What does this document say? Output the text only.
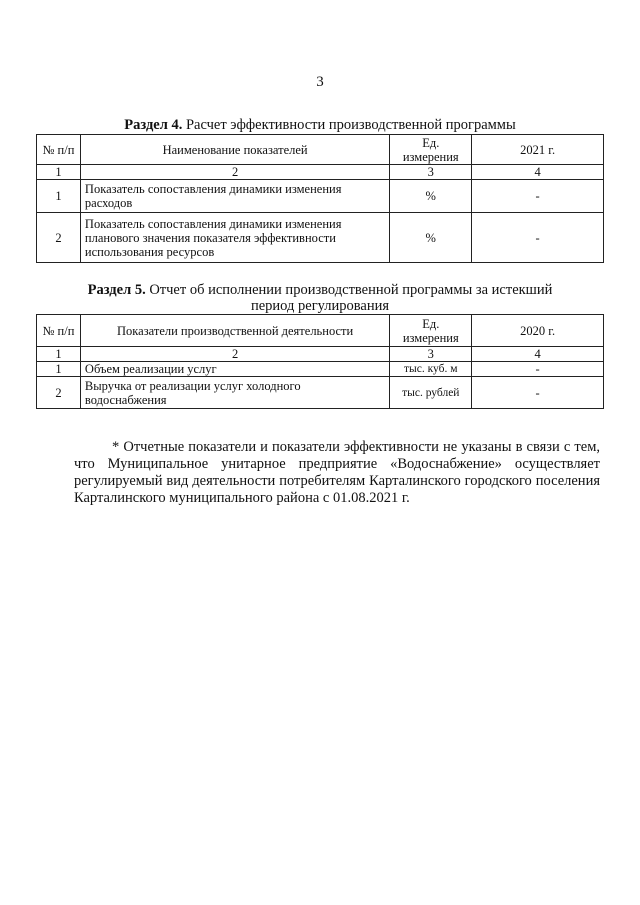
3
Раздел 4. Расчет эффективности производственной программы
№ п/п	Наименование показателей	Ед. измерения	2021 г.
1	2	3	4
1	Показатель сопоставления динамики изменения расходов	%	-
2	Показатель сопоставления динамики изменения планового значения показателя эффективности использования ресурсов	%	-
Раздел 5. Отчет об исполнении производственной программы за истекший
период регулирования
№ п/п	Показатели производственной деятельности	Ед. измерения	2020 г.
1	2	3	4
1	Объем реализации услуг	тыс. куб. м	-
2	Выручка от реализации услуг холодного водоснабжения	тыс. рублей	-

* Отчетные показатели и показатели эффективности не указаны в связи с тем, что Муниципальное унитарное предприятие «Водоснабжение» осуществляет регулируемый вид деятельности потребителям Карталинского городского поселения Карталинского муниципального района с 01.08.2021 г.
